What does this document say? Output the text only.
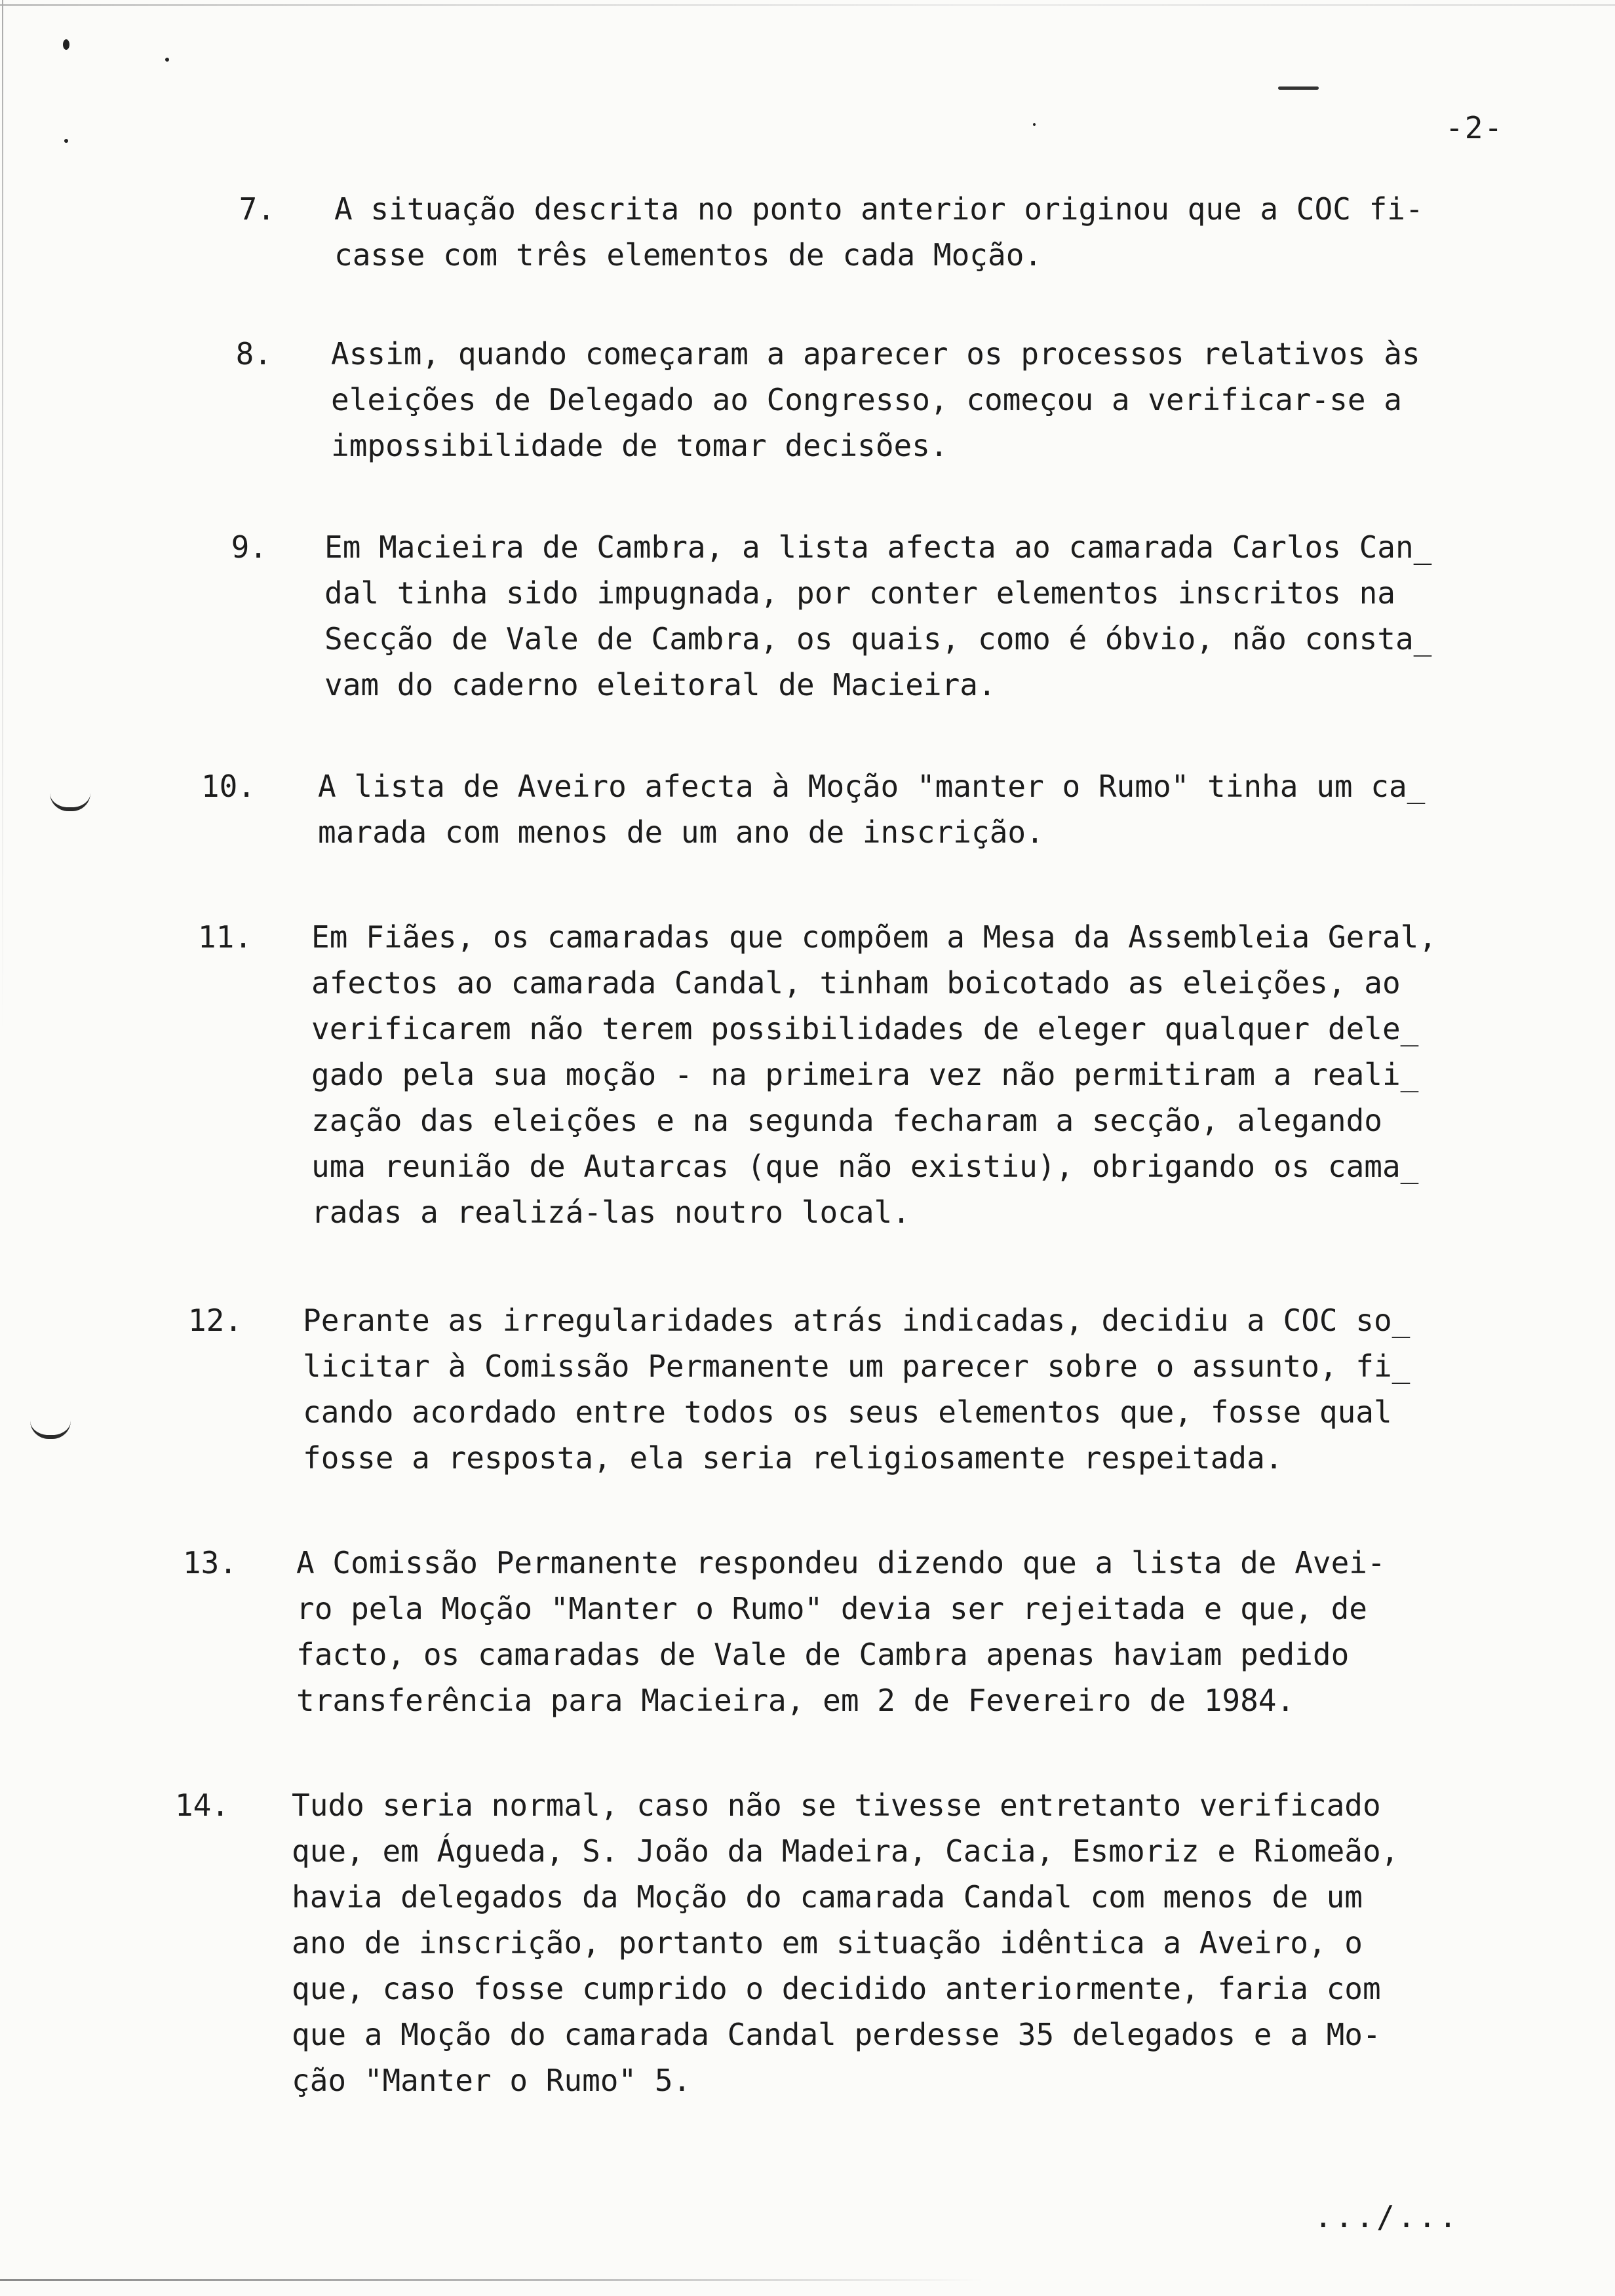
-2-
7. A situação descrita no ponto anterior originou que a COC fi-
casse com três elementos de cada Moção.
8. Assim, quando começaram a aparecer os processos relativos às
eleições de Delegado ao Congresso, começou a verificar-se a
impossibilidade de tomar decisões.
9. Em Macieira de Cambra, a lista afecta ao camarada Carlos Can̲
dal tinha sido impugnada, por conter elementos inscritos na
Secção de Vale de Cambra, os quais, como é óbvio, não consta̲
vam do caderno eleitoral de Macieira.
10. A lista de Aveiro afecta à Moção "manter o Rumo" tinha um ca̲
marada com menos de um ano de inscrição.
11. Em Fiães, os camaradas que compõem a Mesa da Assembleia Geral,
afectos ao camarada Candal, tinham boicotado as eleições, ao
verificarem não terem possibilidades de eleger qualquer dele̲
gado pela sua moção - na primeira vez não permitiram a reali̲
zação das eleições e na segunda fecharam a secção, alegando
uma reunião de Autarcas (que não existiu), obrigando os cama̲
radas a realizá-las noutro local.
12. Perante as irregularidades atrás indicadas, decidiu a COC so̲
licitar à Comissão Permanente um parecer sobre o assunto, fi̲
cando acordado entre todos os seus elementos que, fosse qual
fosse a resposta, ela seria religiosamente respeitada.
13. A Comissão Permanente respondeu dizendo que a lista de Avei-
ro pela Moção "Manter o Rumo" devia ser rejeitada e que, de
facto, os camaradas de Vale de Cambra apenas haviam pedido
transferência para Macieira, em 2 de Fevereiro de 1984.
14. Tudo seria normal, caso não se tivesse entretanto verificado
que, em Águeda, S. João da Madeira, Cacia, Esmoriz e Riomeão,
havia delegados da Moção do camarada Candal com menos de um
ano de inscrição, portanto em situação idêntica a Aveiro, o
que, caso fosse cumprido o decidido anteriormente, faria com
que a Moção do camarada Candal perdesse 35 delegados e a Mo-
ção "Manter o Rumo" 5.
.../...
